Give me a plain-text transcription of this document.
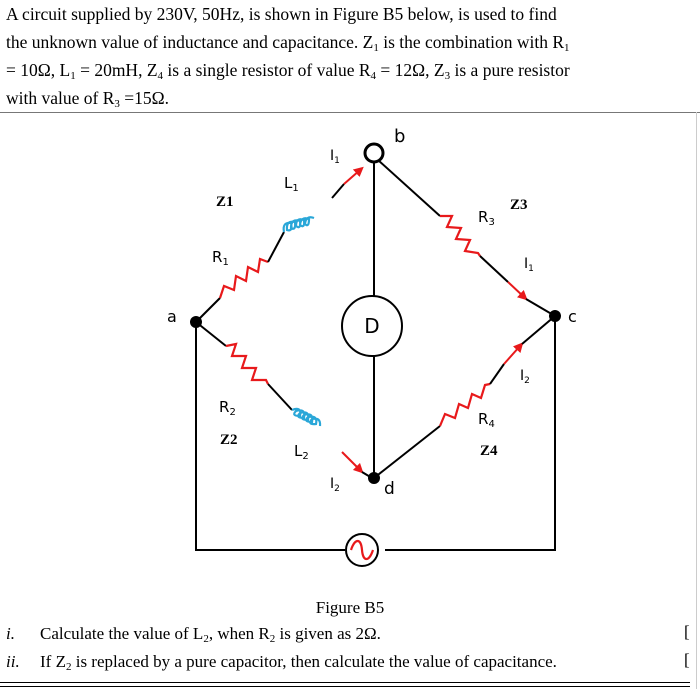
A circuit supplied by 230V, 50Hz, is shown in Figure B5 below, is used to find
the unknown value of inductance and capacitance. $Z_1$ is the combination with $R_1$
= 10Ω, $L_1 = 20mH$, $Z_4$ is a single resistor of value $R_4 = 12\Omega$, $Z_3$ is a pure resistor
with value of $R_3 =15\Omega$.
D
a
b
c
d
Z1
Z2
Z3
Z4
$R_1$
$L_1$
$R_2$
$L_2$
$R_3$
$R_4$
$I_1$
$I_1$
$I_2$
$I_2$
Figure B5
i. Calculate the value of $L_2$, when $R_2$ is given as 2Ω.
ii. If $Z_2$ is replaced by a pure capacitor, then calculate the value of capacitance.
[
[
